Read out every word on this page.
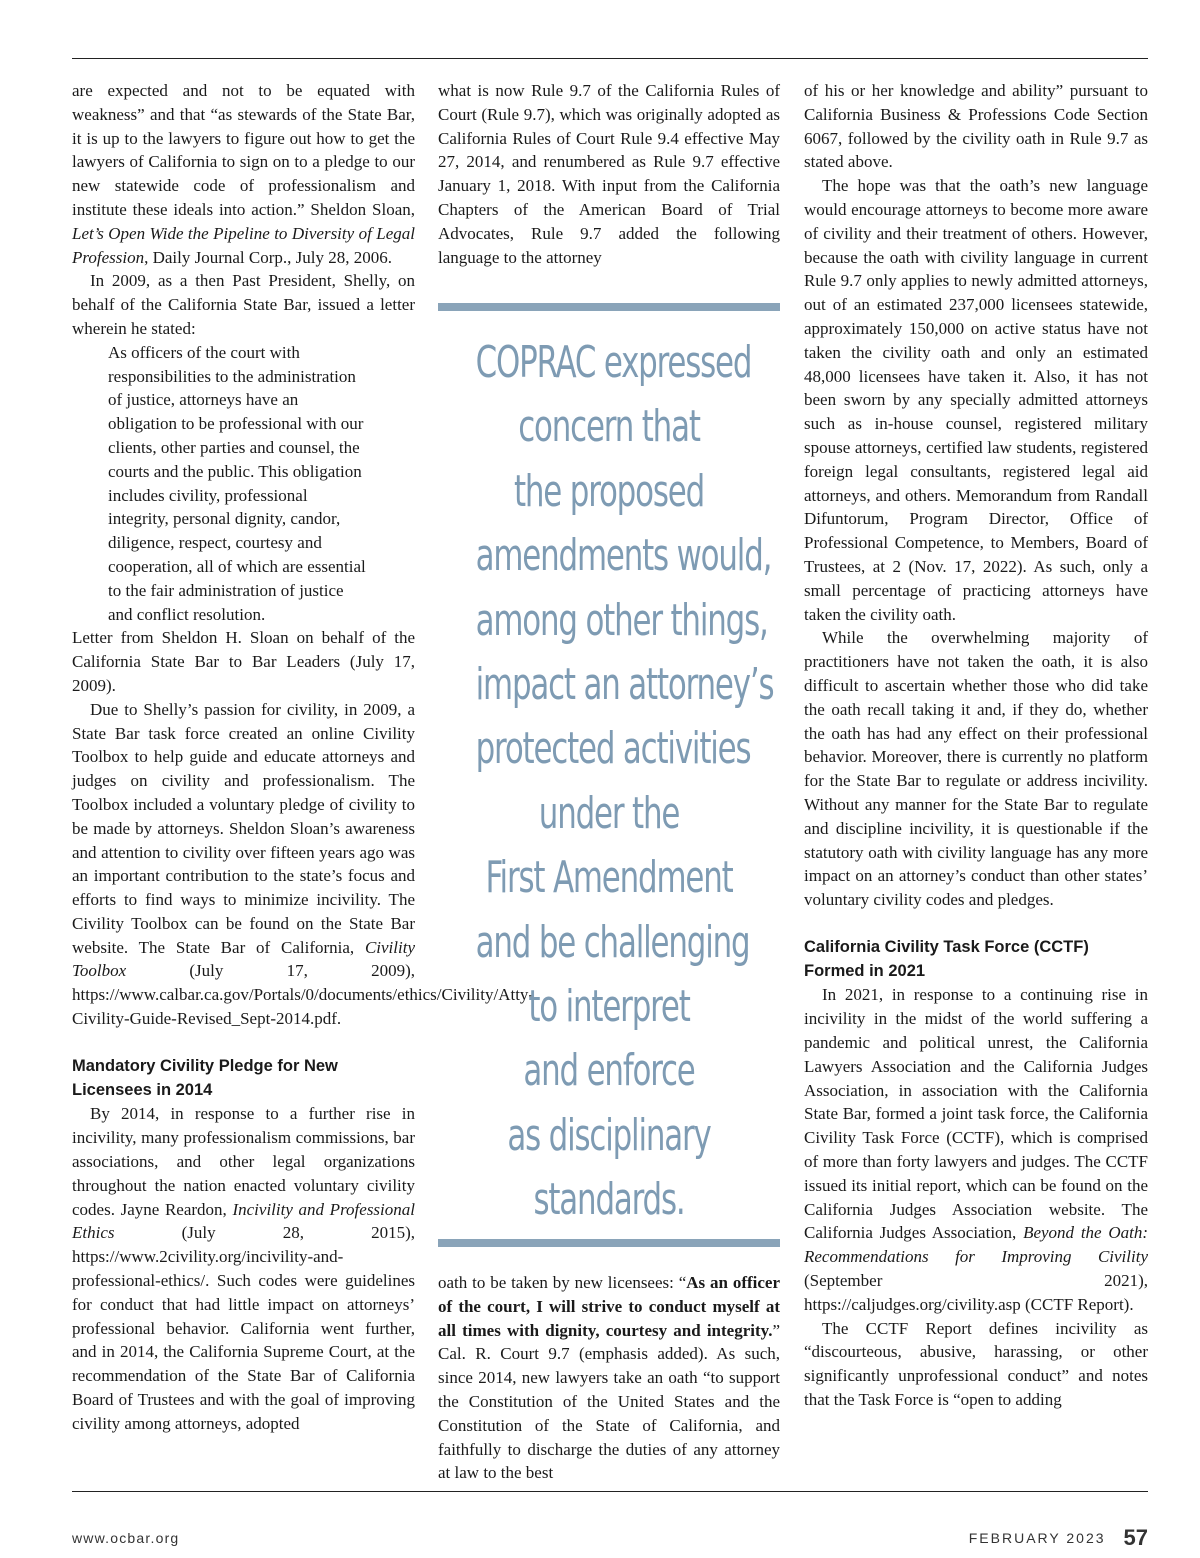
are expected and not to be equated with weakness” and that “as stewards of the State Bar, it is up to the lawyers to figure out how to get the lawyers of California to sign on to a pledge to our new statewide code of professionalism and institute these ideals into action.” Sheldon Sloan, Let’s Open Wide the Pipeline to Diversity of Legal Profession, Daily Journal Corp., July 28, 2006.

In 2009, as a then Past President, Shelly, on behalf of the California State Bar, issued a letter wherein he stated:

As officers of the court with
responsibilities to the administration
of justice, attorneys have an
obligation to be professional with our
clients, other parties and counsel, the
courts and the public. This obligation
includes civility, professional
integrity, personal dignity, candor,
diligence, respect, courtesy and
cooperation, all of which are essential
to the fair administration of justice
and conflict resolution.

Letter from Sheldon H. Sloan on behalf of the California State Bar to Bar Leaders (July 17, 2009).

Due to Shelly’s passion for civility, in 2009, a State Bar task force created an online Civility Toolbox to help guide and educate attorneys and judges on civility and professionalism. The Toolbox included a voluntary pledge of civility to be made by attorneys. Sheldon Sloan’s awareness and attention to civility over fifteen years ago was an important contribution to the state’s focus and efforts to find ways to minimize incivility. The Civility Toolbox can be found on the State Bar website. The State Bar of California, Civility Toolbox (July 17, 2009), https://www.calbar.ca.gov/Portals/0/documents/ethics/Civility/Atty-Civility-Guide-Revised_Sept-2014.pdf.

Mandatory Civility Pledge for New Licensees in 2014

By 2014, in response to a further rise in incivility, many professionalism commissions, bar associations, and other legal organizations throughout the nation enacted voluntary civility codes. Jayne Reardon, Incivility and Professional Ethics (July 28, 2015), https://www.2civility.org/incivility-and-professional-ethics/. Such codes were guidelines for conduct that had little impact on attorneys’ professional behavior. California went further, and in 2014, the California Supreme Court, at the recommendation of the State Bar of California Board of Trustees and with the goal of improving civility among attorneys, adopted

what is now Rule 9.7 of the California Rules of Court (Rule 9.7), which was originally adopted as California Rules of Court Rule 9.4 effective May 27, 2014, and renumbered as Rule 9.7 effective January 1, 2018. With input from the California Chapters of the American Board of Trial Advocates, Rule 9.7 added the following language to the attorney

COPRAC expressed
concern that
the proposed
amendments would,
among other things,
impact an attorney’s
protected activities
under the
First Amendment
and be challenging
to interpret
and enforce
as disciplinary
standards.

oath to be taken by new licensees: “As an officer of the court, I will strive to conduct myself at all times with dignity, courtesy and integrity.” Cal. R. Court 9.7 (emphasis added). As such, since 2014, new lawyers take an oath “to support the Constitution of the United States and the Constitution of the State of California, and faithfully to discharge the duties of any attorney at law to the best

of his or her knowledge and ability” pursuant to California Business & Professions Code Section 6067, followed by the civility oath in Rule 9.7 as stated above.

The hope was that the oath’s new language would encourage attorneys to become more aware of civility and their treatment of others. However, because the oath with civility language in current Rule 9.7 only applies to newly admitted attorneys, out of an estimated 237,000 licensees statewide, approximately 150,000 on active status have not taken the civility oath and only an estimated 48,000 licensees have taken it. Also, it has not been sworn by any specially admitted attorneys such as in-house counsel, registered military spouse attorneys, certified law students, registered foreign legal consultants, registered legal aid attorneys, and others. Memorandum from Randall Difuntorum, Program Director, Office of Professional Competence, to Members, Board of Trustees, at 2 (Nov. 17, 2022). As such, only a small percentage of practicing attorneys have taken the civility oath.

While the overwhelming majority of practitioners have not taken the oath, it is also difficult to ascertain whether those who did take the oath recall taking it and, if they do, whether the oath has had any effect on their professional behavior. Moreover, there is currently no platform for the State Bar to regulate or address incivility. Without any manner for the State Bar to regulate and discipline incivility, it is questionable if the statutory oath with civility language has any more impact on an attorney’s conduct than other states’ voluntary civility codes and pledges.

California Civility Task Force (CCTF) Formed in 2021

In 2021, in response to a continuing rise in incivility in the midst of the world suffering a pandemic and political unrest, the California Lawyers Association and the California Judges Association, in association with the California State Bar, formed a joint task force, the California Civility Task Force (CCTF), which is comprised of more than forty lawyers and judges. The CCTF issued its initial report, which can be found on the California Judges Association website. The California Judges Association, Beyond the Oath: Recommendations for Improving Civility (September 2021), https://caljudges.org/civility.asp (CCTF Report).

The CCTF Report defines incivility as “discourteous, abusive, harassing, or other significantly unprofessional conduct” and notes that the Task Force is “open to adding

www.ocbar.org	FEBRUARY 2023 57
